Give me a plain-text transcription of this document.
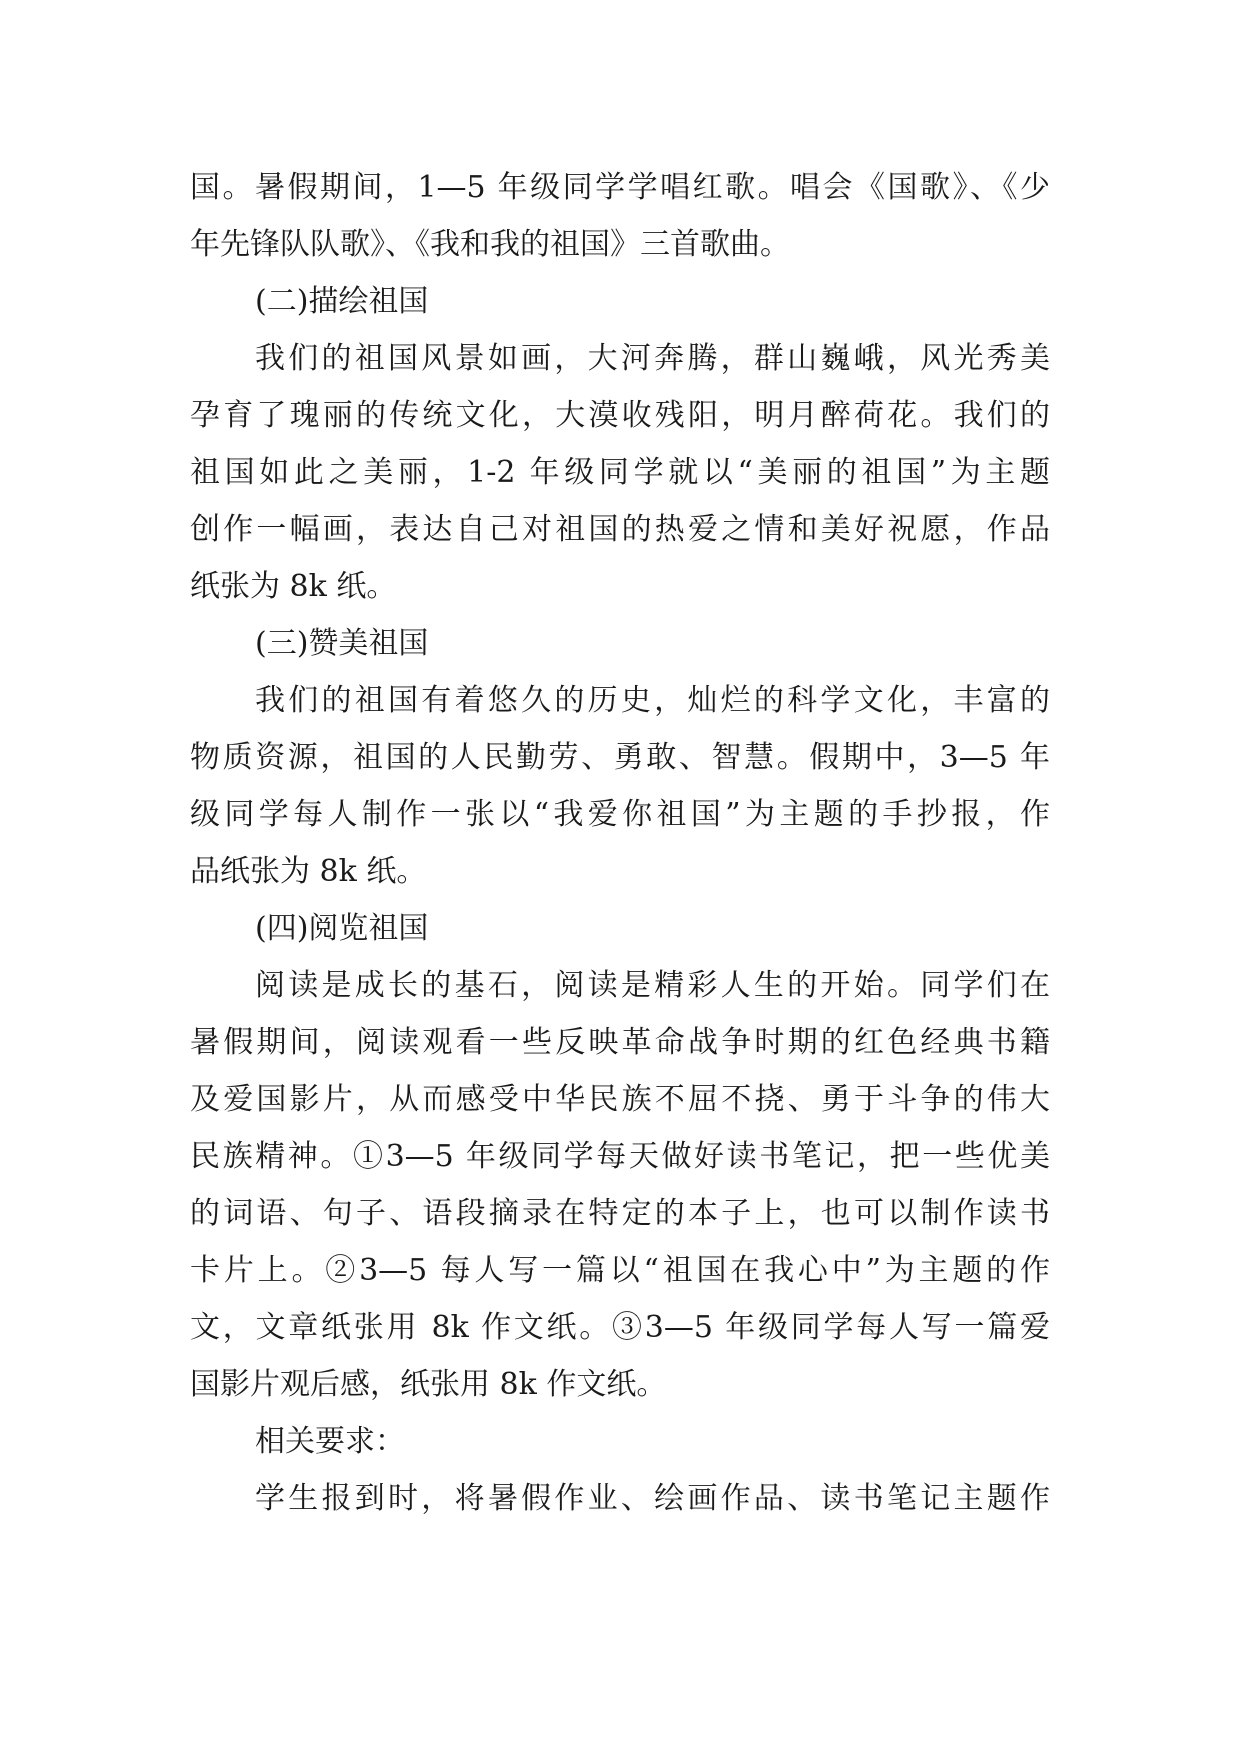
国。暑假期间，1—5 年级同学学唱红歌。唱会《国歌》、《少
年先锋队队歌》、《我和我的祖国》三首歌曲。
(二)描绘祖国
我们的祖国风景如画，大河奔腾，群山巍峨，风光秀美
孕育了瑰丽的传统文化，大漠收残阳，明月醉荷花。我们的
祖国如此之美丽，1-2 年级同学就以“美丽的祖国”为主题
创作一幅画，表达自己对祖国的热爱之情和美好祝愿，作品
纸张为 8k 纸。
(三)赞美祖国
我们的祖国有着悠久的历史，灿烂的科学文化，丰富的
物质资源，祖国的人民勤劳、勇敢、智慧。假期中，3—5 年
级同学每人制作一张以“我爱你祖国”为主题的手抄报，作
品纸张为 8k 纸。
(四)阅览祖国
阅读是成长的基石，阅读是精彩人生的开始。同学们在
暑假期间，阅读观看一些反映革命战争时期的红色经典书籍
及爱国影片，从而感受中华民族不屈不挠、勇于斗争的伟大
民族精神。①3—5 年级同学每天做好读书笔记，把一些优美
的词语、句子、语段摘录在特定的本子上，也可以制作读书
卡片上。②3—5 每人写一篇以“祖国在我心中”为主题的作
文，文章纸张用 8k 作文纸。③3—5 年级同学每人写一篇爱
国影片观后感，纸张用 8k 作文纸。
相关要求：
学生报到时，将暑假作业、绘画作品、读书笔记主题作
